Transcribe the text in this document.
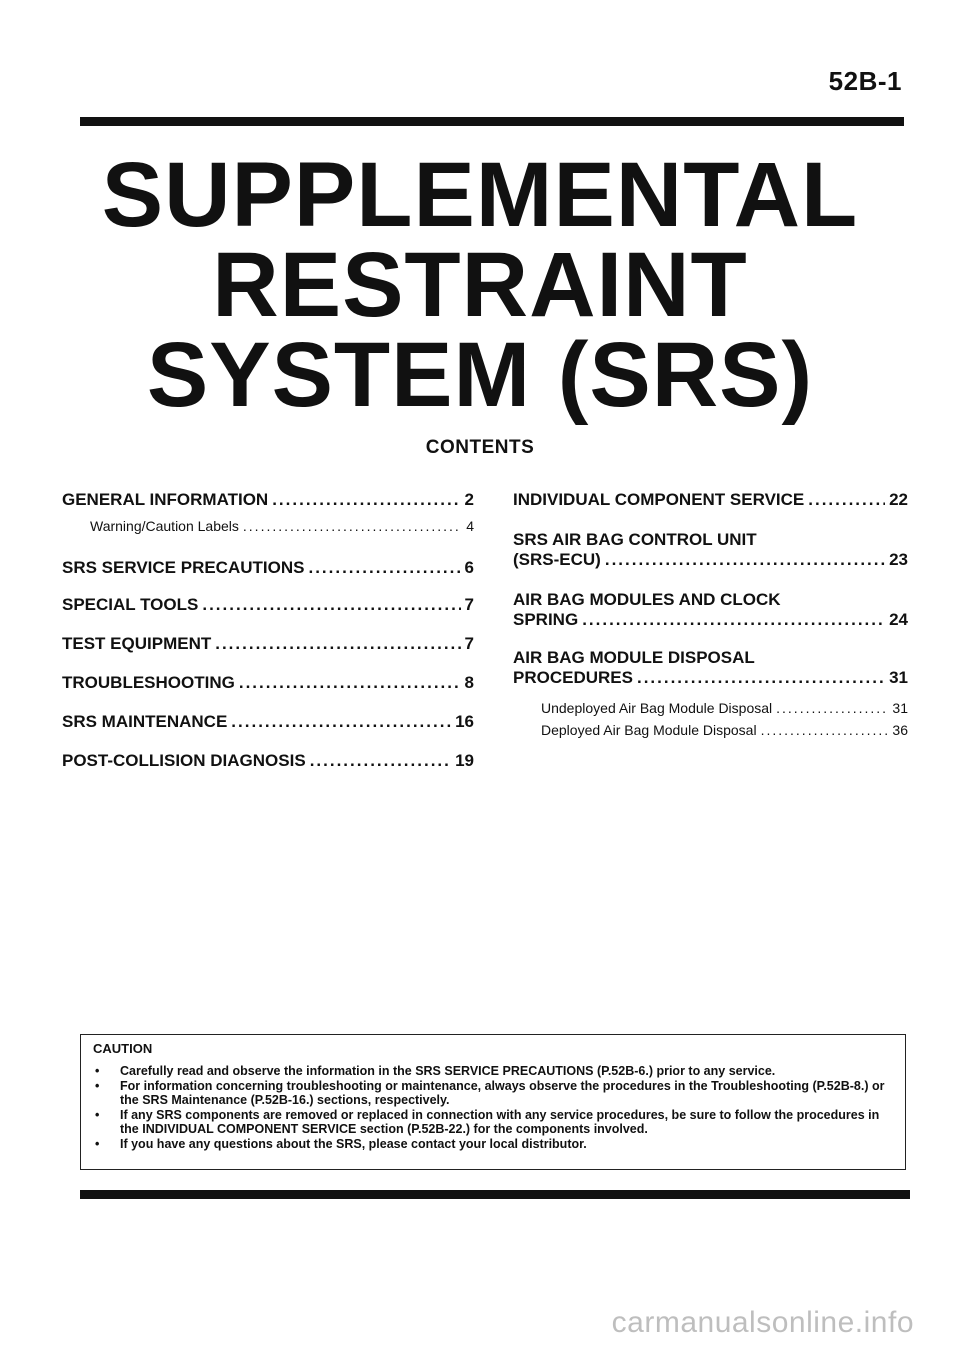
52B-1
SUPPLEMENTAL
RESTRAINT
SYSTEM (SRS)
CONTENTS
GENERAL INFORMATION .....	2
Warning/Caution Labels .....	4
SRS SERVICE PRECAUTIONS .....	6
SPECIAL TOOLS .....	7
TEST EQUIPMENT .....	7
TROUBLESHOOTING .....	8
SRS MAINTENANCE .....	16
POST-COLLISION DIAGNOSIS .....	19
INDIVIDUAL COMPONENT SERVICE .....	22
SRS AIR BAG CONTROL UNIT
(SRS-ECU) .....	23
AIR BAG MODULES AND CLOCK
SPRING .....	24
AIR BAG MODULE DISPOSAL
PROCEDURES .....	31
Undeployed Air Bag Module Disposal .....	31
Deployed Air Bag Module Disposal .....	36
CAUTION
• Carefully read and observe the information in the SRS SERVICE PRECAUTIONS (P.52B-6.) prior to any service.
• For information concerning troubleshooting or maintenance, always observe the procedures in the Troubleshooting (P.52B-8.) or the SRS Maintenance (P.52B-16.) sections, respectively.
• If any SRS components are removed or replaced in connection with any service procedures, be sure to follow the procedures in the INDIVIDUAL COMPONENT SERVICE section (P.52B-22.) for the components involved.
• If you have any questions about the SRS, please contact your local distributor.
carmanualsonline.info
